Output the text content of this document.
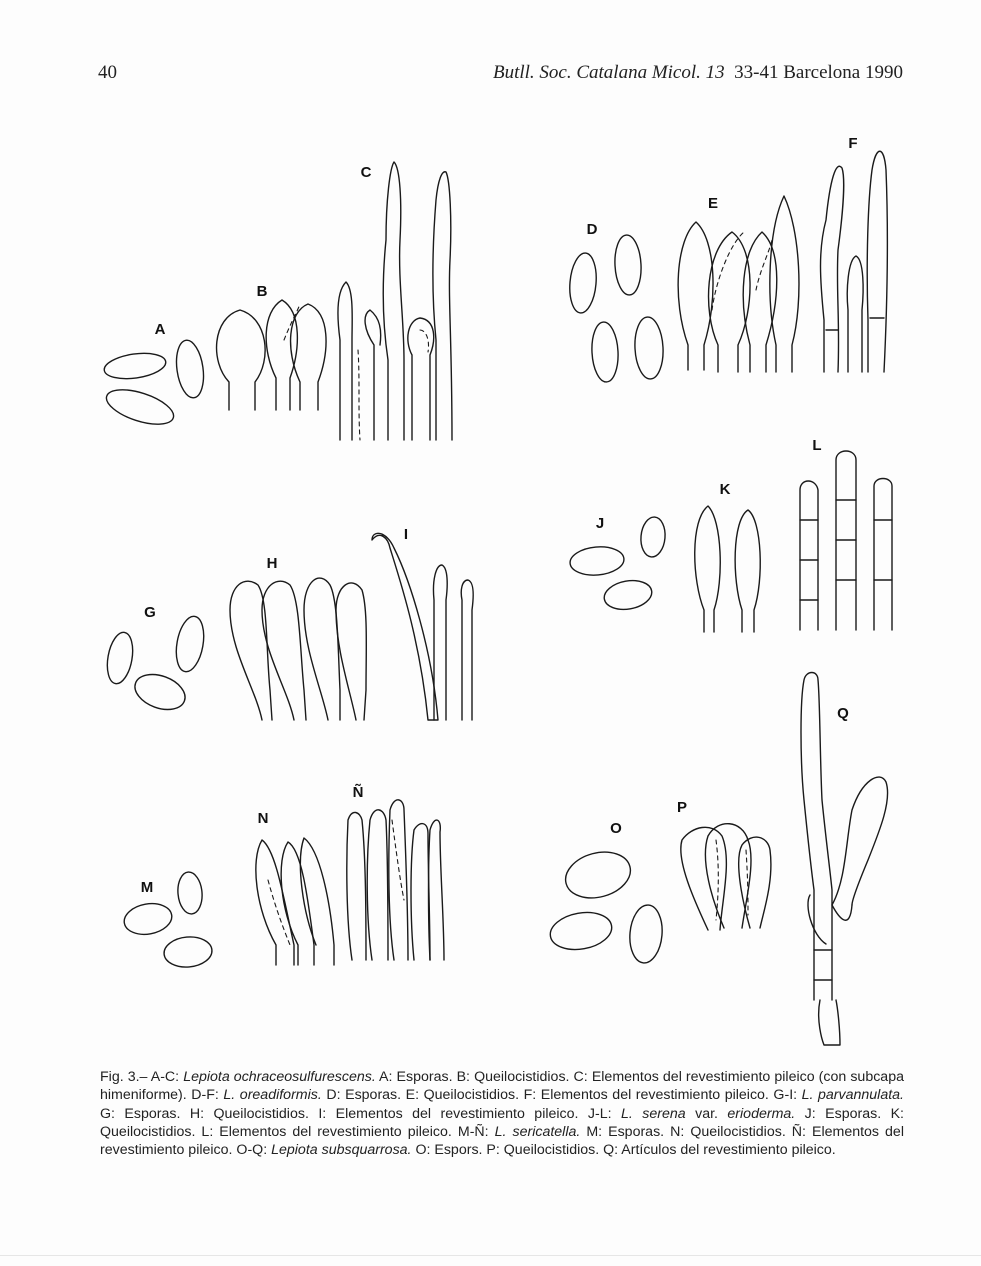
40	Butll. Soc. Catalana Micol. 13 33-41 Barcelona 1990
A
B
C
D
E
F
G
H
I
J
K
L
M
N
Ñ
O
P
Q
Fig. 3.– A-C: Lepiota ochraceosulfurescens. A: Esporas. B: Queilocistidios. C: Elementos del revestimiento pileico (con subcapa himeniforme). D-F: L. oreadiformis. D: Esporas. E: Queilocistidios. F: Elementos del revestimiento pileico. G-I: L. parvannulata. G: Esporas. H: Queilocistidios. I: Elementos del revestimiento pileico. J-L: L. serena var. erioderma. J: Esporas. K: Queilocistidios. L: Elementos del revestimiento pileico. M-Ñ: L. sericatella. M: Esporas. N: Queilocistidios. Ñ: Elementos del revestimiento pileico. O-Q: Lepiota subsquarrosa. O: Espors. P: Queilocistidios. Q: Artículos del revestimiento pileico.
